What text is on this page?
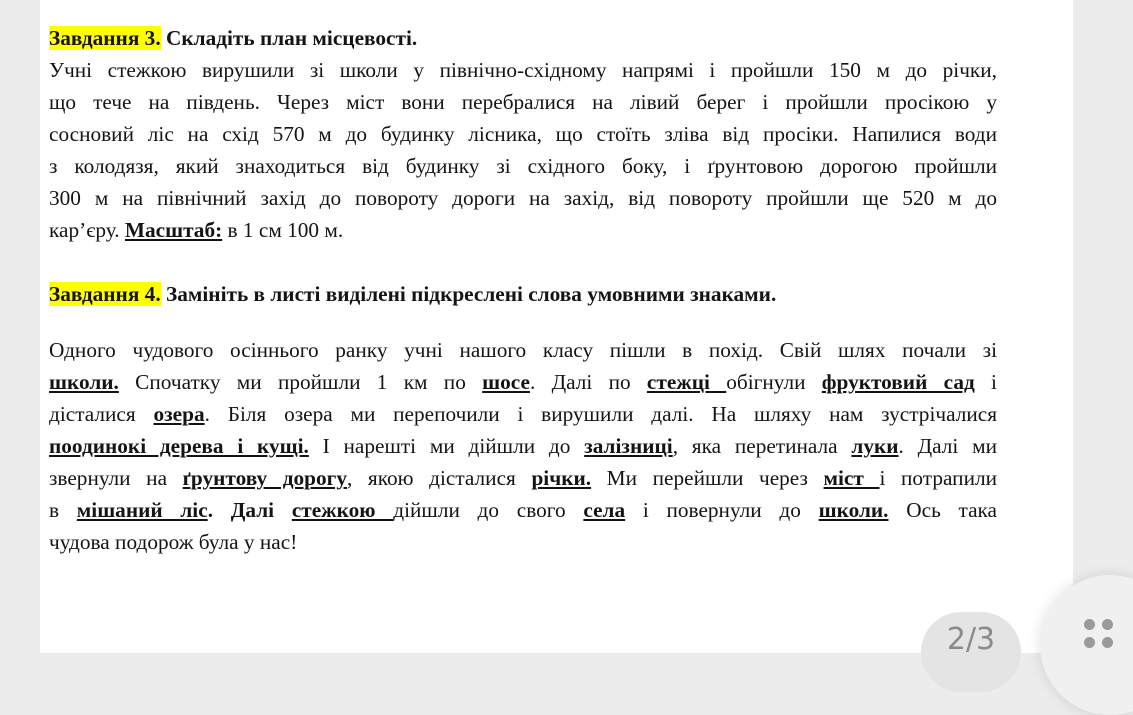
Завдання 3. Складіть план місцевості.

Учні стежкою вирушили зі школи у північно-східному напрямі і пройшли 150 м до річки,

що тече на південь. Через міст вони перебралися на лівий берег і пройшли просікою у

сосновий ліс на схід 570 м до будинку лісника, що стоїть зліва від просіки. Напилися води

з колодязя, який знаходиться від будинку зі східного боку, і ґрунтовою дорогою пройшли

300 м на північний захід до повороту дороги на захід, від повороту пройшли ще 520 м до

кар’єру. Масштаб: в 1 см 100 м.

Завдання 4. Замініть в листі виділені підкреслені слова умовними знаками.

Одного чудового осіннього ранку учні нашого класу пішли в похід. Свій шлях почали зі

школи. Спочатку ми пройшли 1 км по шосе. Далі по стежці обігнули фруктовий сад і

дісталися озера. Біля озера ми перепочили і вирушили далі. На шляху нам зустрічалися

поодинокі дерева і кущі. І нарешті ми дійшли до залізниці, яка перетинала луки. Далі ми

звернули на ґрунтову дорогу, якою дісталися річки. Ми перейшли через міст і потрапили

в мішаний ліс. Далі стежкою дійшли до свого села і повернули до школи. Ось така

чудова подорож була у нас!

2/3
